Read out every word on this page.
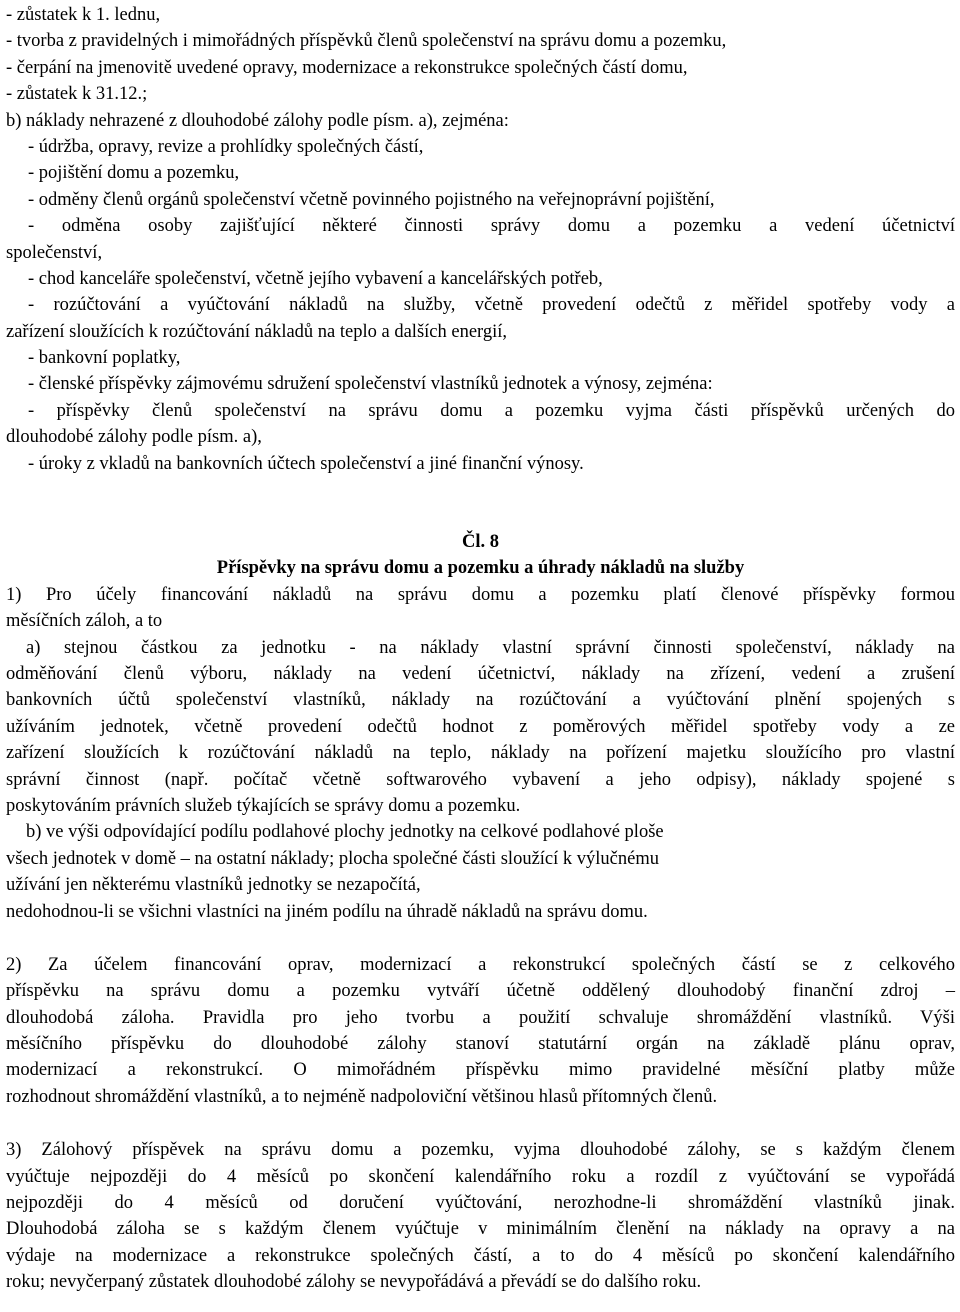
- zůstatek k 1. lednu,
- tvorba z pravidelných i mimořádných příspěvků členů společenství na správu domu a pozemku,
- čerpání na jmenovitě uvedené opravy, modernizace a rekonstrukce společných částí domu,
- zůstatek k 31.12.;
b) náklady nehrazené z dlouhodobé zálohy podle písm. a), zejména:
- údržba, opravy, revize a prohlídky společných částí,
- pojištění domu a pozemku,
- odměny členů orgánů společenství včetně povinného pojistného na veřejnoprávní pojištění,
- odměna osoby zajišťující některé činnosti správy domu a pozemku a vedení účetnictví
společenství,
- chod kanceláře společenství, včetně jejího vybavení a kancelářských potřeb,
- rozúčtování a vyúčtování nákladů na služby, včetně provedení odečtů z měřidel spotřeby vody a
zařízení sloužících k rozúčtování nákladů na teplo a dalších energií,
- bankovní poplatky,
- členské příspěvky zájmovému sdružení společenství vlastníků jednotek a výnosy, zejména:
- příspěvky členů společenství na správu domu a pozemku vyjma části příspěvků určených do
dlouhodobé zálohy podle písm. a),
- úroky z vkladů na bankovních účtech společenství a jiné finanční výnosy.
Čl. 8
Příspěvky na správu domu a pozemku a úhrady nákladů na služby
1) Pro účely financování nákladů na správu domu a pozemku platí členové příspěvky formou
měsíčních záloh, a to
a) stejnou částkou za jednotku - na náklady vlastní správní činnosti společenství, náklady na
odměňování členů výboru, náklady na vedení účetnictví, náklady na zřízení, vedení a zrušení
bankovních účtů společenství vlastníků, náklady na rozúčtování a vyúčtování plnění spojených s
užíváním jednotek, včetně provedení odečtů hodnot z poměrových měřidel spotřeby vody a ze
zařízení sloužících k rozúčtování nákladů na teplo, náklady na pořízení majetku sloužícího pro vlastní
správní činnost (např. počítač včetně softwarového vybavení a jeho odpisy), náklady spojené s
poskytováním právních služeb týkajících se správy domu a pozemku.
b) ve výši odpovídající podílu podlahové plochy jednotky na celkové podlahové ploše
všech jednotek v domě – na ostatní náklady; plocha společné části sloužící k výlučnému
užívání jen některému vlastníků jednotky se nezapočítá,
nedohodnou-li se všichni vlastníci na jiném podílu na úhradě nákladů na správu domu.
2) Za účelem financování oprav, modernizací a rekonstrukcí společných částí se z celkového
příspěvku na správu domu a pozemku vytváří účetně oddělený dlouhodobý finanční zdroj –
dlouhodobá záloha. Pravidla pro jeho tvorbu a použití schvaluje shromáždění vlastníků. Výši
měsíčního příspěvku do dlouhodobé zálohy stanoví statutární orgán na základě plánu oprav,
modernizací a rekonstrukcí. O mimořádném příspěvku mimo pravidelné měsíční platby může
rozhodnout shromáždění vlastníků, a to nejméně nadpoloviční většinou hlasů přítomných členů.
3) Zálohový příspěvek na správu domu a pozemku, vyjma dlouhodobé zálohy, se s každým členem
vyúčtuje nejpozději do 4 měsíců po skončení kalendářního roku a rozdíl z vyúčtování se vypořádá
nejpozději do 4 měsíců od doručení vyúčtování, nerozhodne-li shromáždění vlastníků jinak.
Dlouhodobá záloha se s každým členem vyúčtuje v minimálním členění na náklady na opravy a na
výdaje na modernizace a rekonstrukce společných částí, a to do 4 měsíců po skončení kalendářního
roku; nevyčerpaný zůstatek dlouhodobé zálohy se nevypořádává a převádí se do dalšího roku.
